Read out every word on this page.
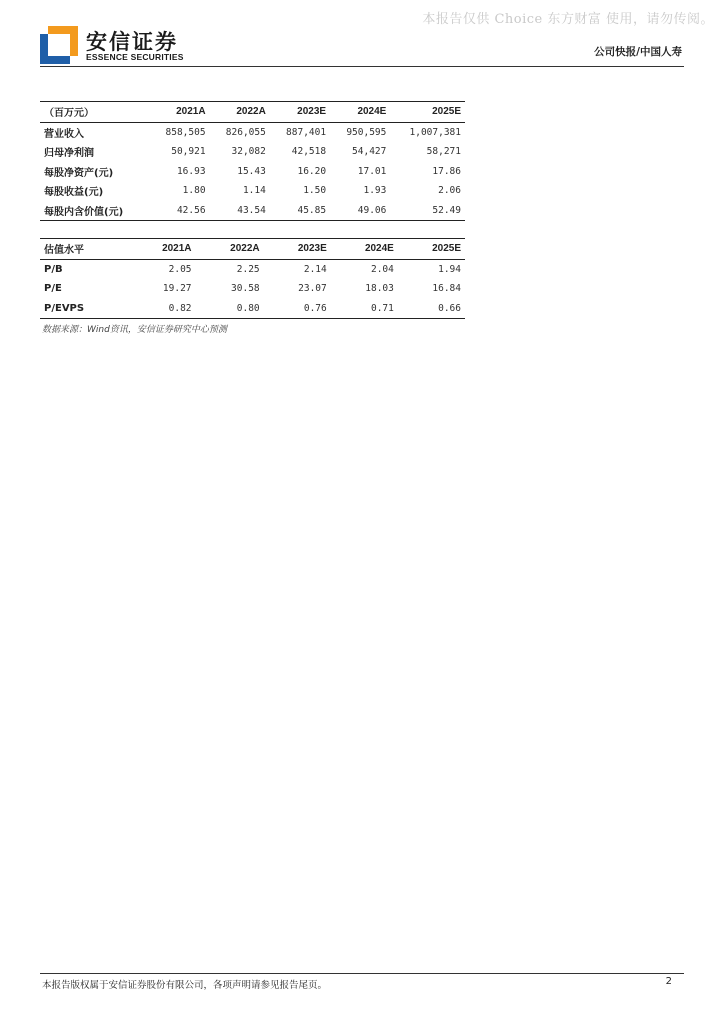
本报告仅供 Choice 东方财富 使用，请勿传阅。
安信证券
ESSENCE SECURITIES	公司快报/中国人寿
（百万元）	2021A	2022A	2023E	2024E	2025E
营业收入	858,505	826,055	887,401	950,595	1,007,381
归母净利润	50,921	32,082	42,518	54,427	58,271
每股净资产(元)	16.93	15.43	16.20	17.01	17.86
每股收益(元)	1.80	1.14	1.50	1.93	2.06
每股内含价值(元)	42.56	43.54	45.85	49.06	52.49
估值水平	2021A	2022A	2023E	2024E	2025E
P/B	2.05	2.25	2.14	2.04	1.94
P/E	19.27	30.58	23.07	18.03	16.84
P/EVPS	0.82	0.80	0.76	0.71	0.66
数据来源：Wind资讯，安信证券研究中心预测
本报告版权属于安信证券股份有限公司，各项声明请参见报告尾页。	2
